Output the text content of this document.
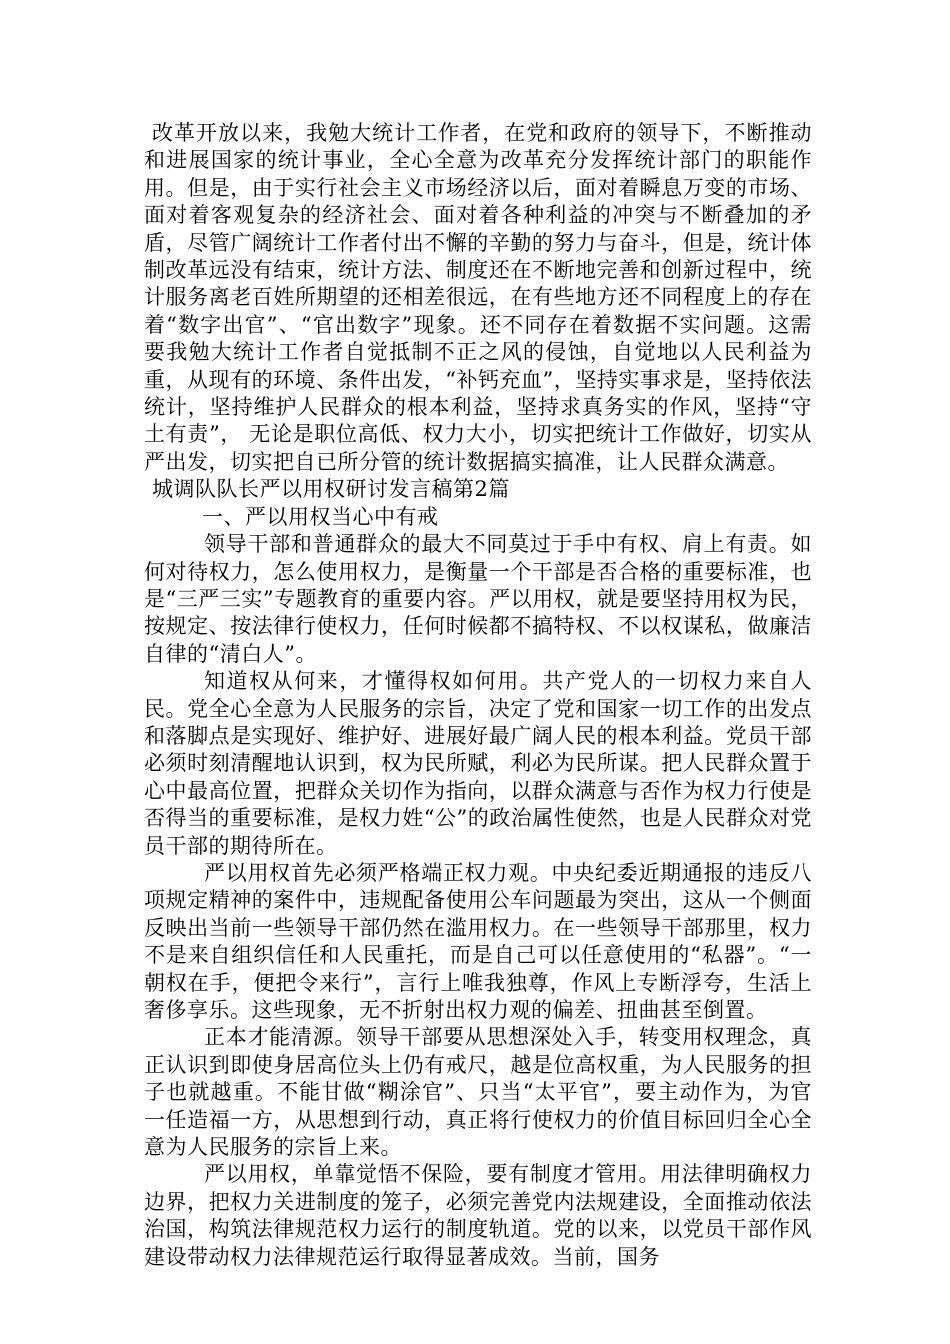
改革开放以来，我勉大统计工作者，在党和政府的领导下，不断推动和进展国家的统计事业，全心全意为改革充分发挥统计部门的职能作用。但是，由于实行社会主义市场经济以后，面对着瞬息万变的市场、面对着客观复杂的经济社会、面对着各种利益的冲突与不断叠加的矛盾，尽管广阔统计工作者付出不懈的辛勤的努力与奋斗，但是，统计体制改革远没有结束，统计方法、制度还在不断地完善和创新过程中，统计服务离老百姓所期望的还相差很远，在有些地方还不同程度上的存在着“数字出官”、“官出数字”现象。还不同存在着数据不实问题。这需要我勉大统计工作者自觉抵制不正之风的侵蚀，自觉地以人民利益为重，从现有的环境、条件出发，“补钙充血”，坚持实事求是，坚持依法统计，坚持维护人民群众的根本利益，坚持求真务实的作风，坚持“守土有责”， 无论是职位高低、权力大小，切实把统计工作做好，切实从严出发，切实把自已所分管的统计数据搞实搞准，让人民群众满意。

城调队队长严以用权研讨发言稿第2篇

一、严以用权当心中有戒

领导干部和普通群众的最大不同莫过于手中有权、肩上有责。如何对待权力，怎么使用权力，是衡量一个干部是否合格的重要标准，也是“三严三实”专题教育的重要内容。严以用权，就是要坚持用权为民，按规定、按法律行使权力，任何时候都不搞特权、不以权谋私，做廉洁自律的“清白人”。

知道权从何来，才懂得权如何用。共产党人的一切权力来自人民。党全心全意为人民服务的宗旨，决定了党和国家一切工作的出发点和落脚点是实现好、维护好、进展好最广阔人民的根本利益。党员干部必须时刻清醒地认识到，权为民所赋，利必为民所谋。把人民群众置于心中最高位置，把群众关切作为指向，以群众满意与否作为权力行使是否得当的重要标准，是权力姓“公”的政治属性使然，也是人民群众对党员干部的期待所在。

严以用权首先必须严格端正权力观。中央纪委近期通报的违反八项规定精神的案件中，违规配备使用公车问题最为突出，这从一个侧面反映出当前一些领导干部仍然在滥用权力。在一些领导干部那里，权力不是来自组织信任和人民重托，而是自己可以任意使用的“私器”。“一朝权在手，便把令来行”，言行上唯我独尊，作风上专断浮夸，生活上奢侈享乐。这些现象，无不折射出权力观的偏差、扭曲甚至倒置。

正本才能清源。领导干部要从思想深处入手，转变用权理念，真正认识到即使身居高位头上仍有戒尺，越是位高权重，为人民服务的担子也就越重。不能甘做“糊涂官”、只当“太平官”，要主动作为，为官一任造福一方，从思想到行动，真正将行使权力的价值目标回归全心全意为人民服务的宗旨上来。

严以用权，单靠觉悟不保险，要有制度才管用。用法律明确权力边界，把权力关进制度的笼子，必须完善党内法规建设，全面推动依法治国，构筑法律规范权力运行的制度轨道。党的以来，以党员干部作风建设带动权力法律规范运行取得显著成效。当前，国务
